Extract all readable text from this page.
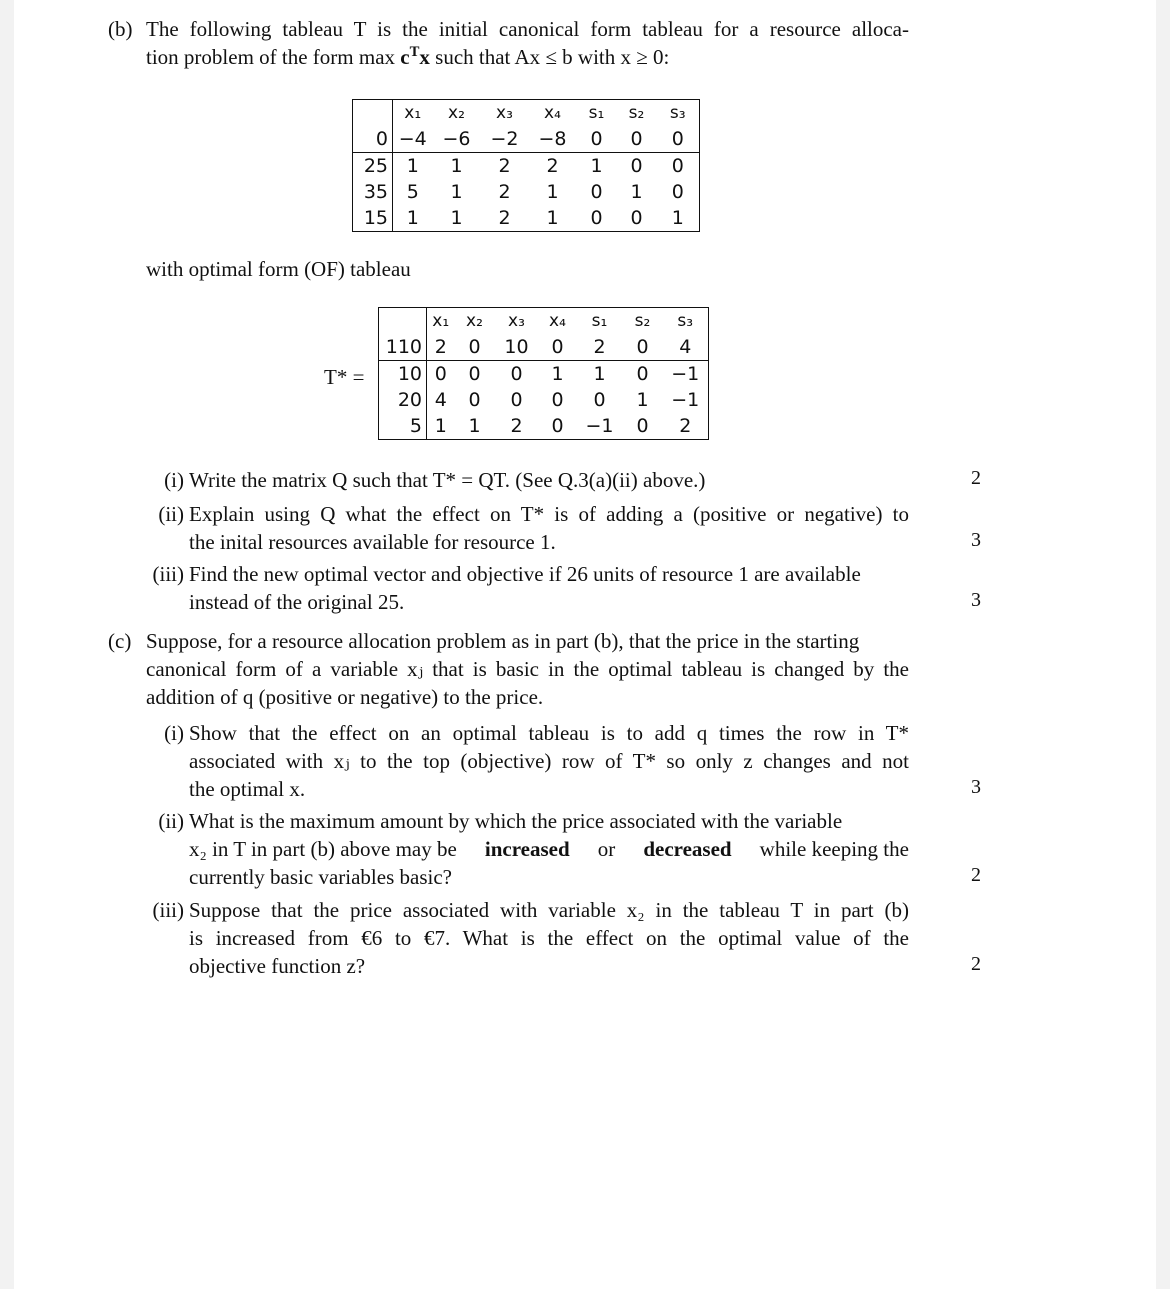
(b) The following tableau T is the initial canonical form tableau for a resource alloca-
tion problem of the form $\max c^Tx$ such that Ax ≤ b with x ≥ 0:
	x₁	x₂	x₃	x₄	s₁	s₂	s₃
0	−4	−6	−2	−8	0	0	0
25	1	1	2	2	1	0	0
35	5	1	2	1	0	1	0
15	1	1	2	1	0	0	1
with optimal form (OF) tableau
T* =
	x₁	x₂	x₃	x₄	s₁	s₂	s₃
110	2	0	10	0	2	0	4
10	0	0	0	1	1	0	−1
20	4	0	0	0	0	1	−1
5	1	1	2	0	−1	0	2
(i) Write the matrix Q such that T* = QT. (See Q.3(a)(ii) above.)	2
(ii) Explain using Q what the effect on T* is of adding a (positive or negative) to
the inital resources available for resource 1.	3
(iii) Find the new optimal vector and objective if 26 units of resource 1 are available
instead of the original 25.	3
(c) Suppose, for a resource allocation problem as in part (b), that the price in the starting
canonical form of a variable xⱼ that is basic in the optimal tableau is changed by the
addition of q (positive or negative) to the price.
(i) Show that the effect on an optimal tableau is to add q times the row in T*
associated with xⱼ to the top (objective) row of T* so only z changes and not
the optimal x.	3
(ii) What is the maximum amount by which the price associated with the variable
x₂ in T in part (b) above may be increased or decreased while keeping the
currently basic variables basic?	2
(iii) Suppose that the price associated with variable x₂ in the tableau T in part (b)
is increased from €6 to €7. What is the effect on the optimal value of the
objective function z?	2
